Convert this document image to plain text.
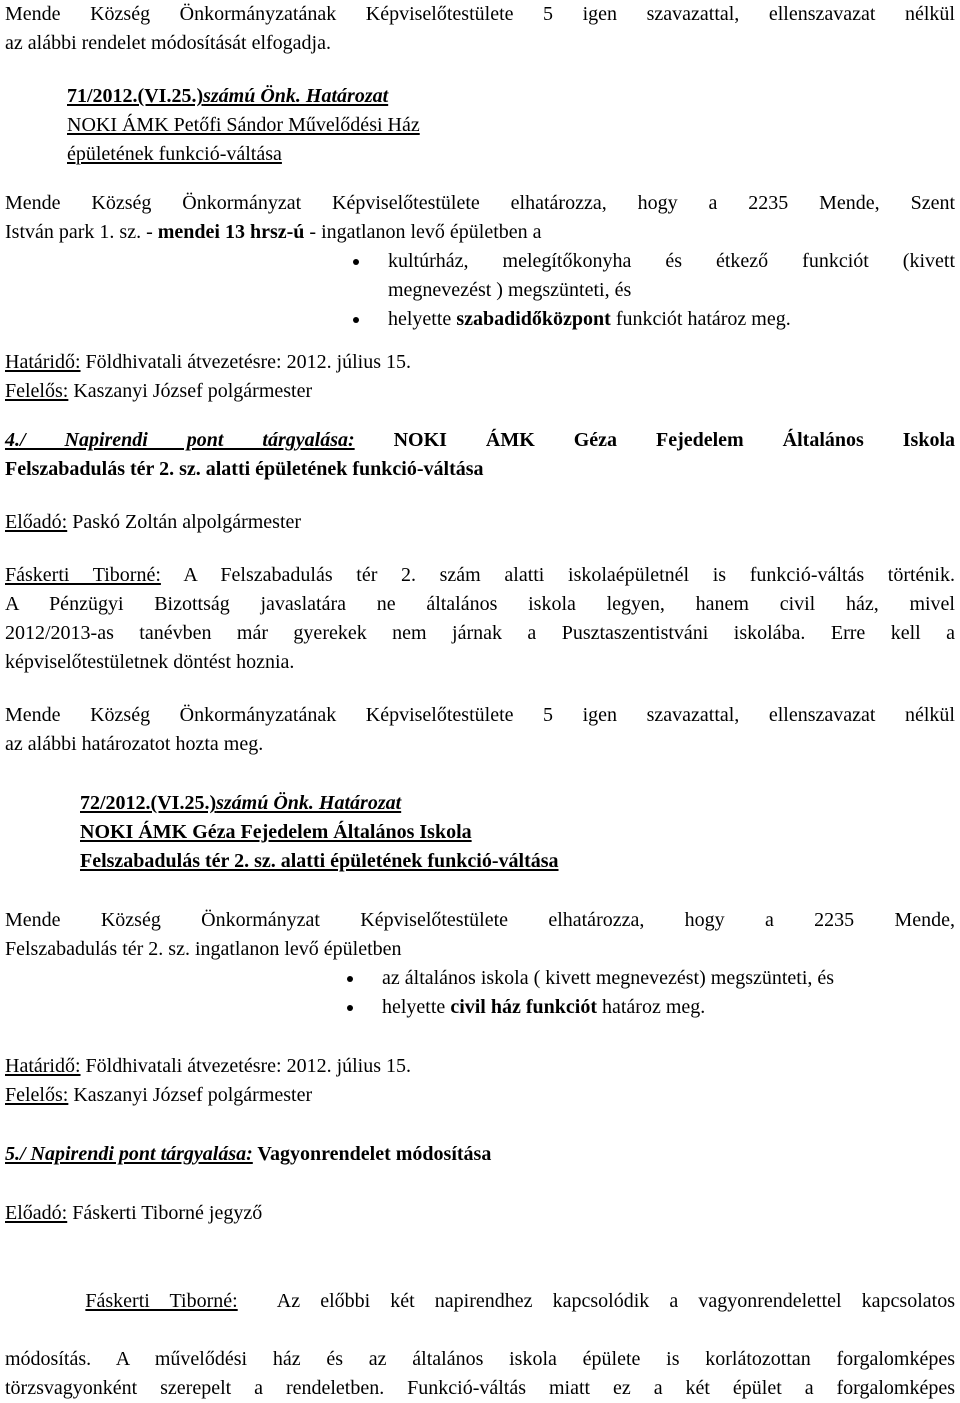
Mende Község Önkormányzatának Képviselőtestülete 5 igen szavazattal, ellenszavazat nélkül

az alábbi rendelet módosítását elfogadja.

71/2012.(VI.25.)számú Önk. Határozat

NOKI ÁMK Petőfi Sándor Művelődési Ház

épületének funkció-váltása

Mende Község Önkormányzat Képviselőtestülete elhatározza, hogy a 2235 Mende, Szent

István park 1. sz. - mendei 13 hrsz-ú - ingatlanon levő épületben a

kultúrház, melegítőkonyha és étkező funkciót (kivett

megnevezést ) megszünteti, és

helyette szabadidőközpont funkciót határoz meg.

Határidő: Földhivatali átvezetésre: 2012. július 15.

Felelős: Kaszanyi József polgármester

4./ Napirendi pont tárgyalása: NOKI ÁMK Géza Fejedelem Általános Iskola

Felszabadulás tér 2. sz. alatti épületének funkció-váltása

Előadó: Paskó Zoltán alpolgármester

Fáskerti Tiborné: A Felszabadulás tér 2. szám alatti iskolaépületnél is funkció-váltás történik.

A Pénzügyi Bizottság javaslatára ne általános iskola legyen, hanem civil ház, mivel

2012/2013-as tanévben már gyerekek nem járnak a Pusztaszentistváni iskolába. Erre kell a

képviselőtestületnek döntést hoznia.

Mende Község Önkormányzatának Képviselőtestülete 5 igen szavazattal, ellenszavazat nélkül

az alábbi határozatot hozta meg.

72/2012.(VI.25.)számú Önk. Határozat

NOKI ÁMK Géza Fejedelem Általános Iskola

Felszabadulás tér 2. sz. alatti épületének funkció-váltása

Mende Község Önkormányzat Képviselőtestülete elhatározza, hogy a 2235 Mende,

Felszabadulás tér 2. sz. ingatlanon levő épületben

az általános iskola ( kivett megnevezést) megszünteti, és

helyette civil ház funkciót határoz meg.

Határidő: Földhivatali átvezetésre: 2012. július 15.

Felelős: Kaszanyi József polgármester

5./ Napirendi pont tárgyalása: Vagyonrendelet módosítása

Előadó: Fáskerti Tiborné jegyző

Fáskerti Tiborné:  Az előbbi két napirendhez kapcsolódik a vagyonrendelettel kapcsolatos

módosítás. A művelődési ház és az általános iskola épülete is korlátozottan forgalomképes

törzsvagyonként szerepelt a rendeletben. Funkció-váltás miatt ez a két épület a forgalomképes
